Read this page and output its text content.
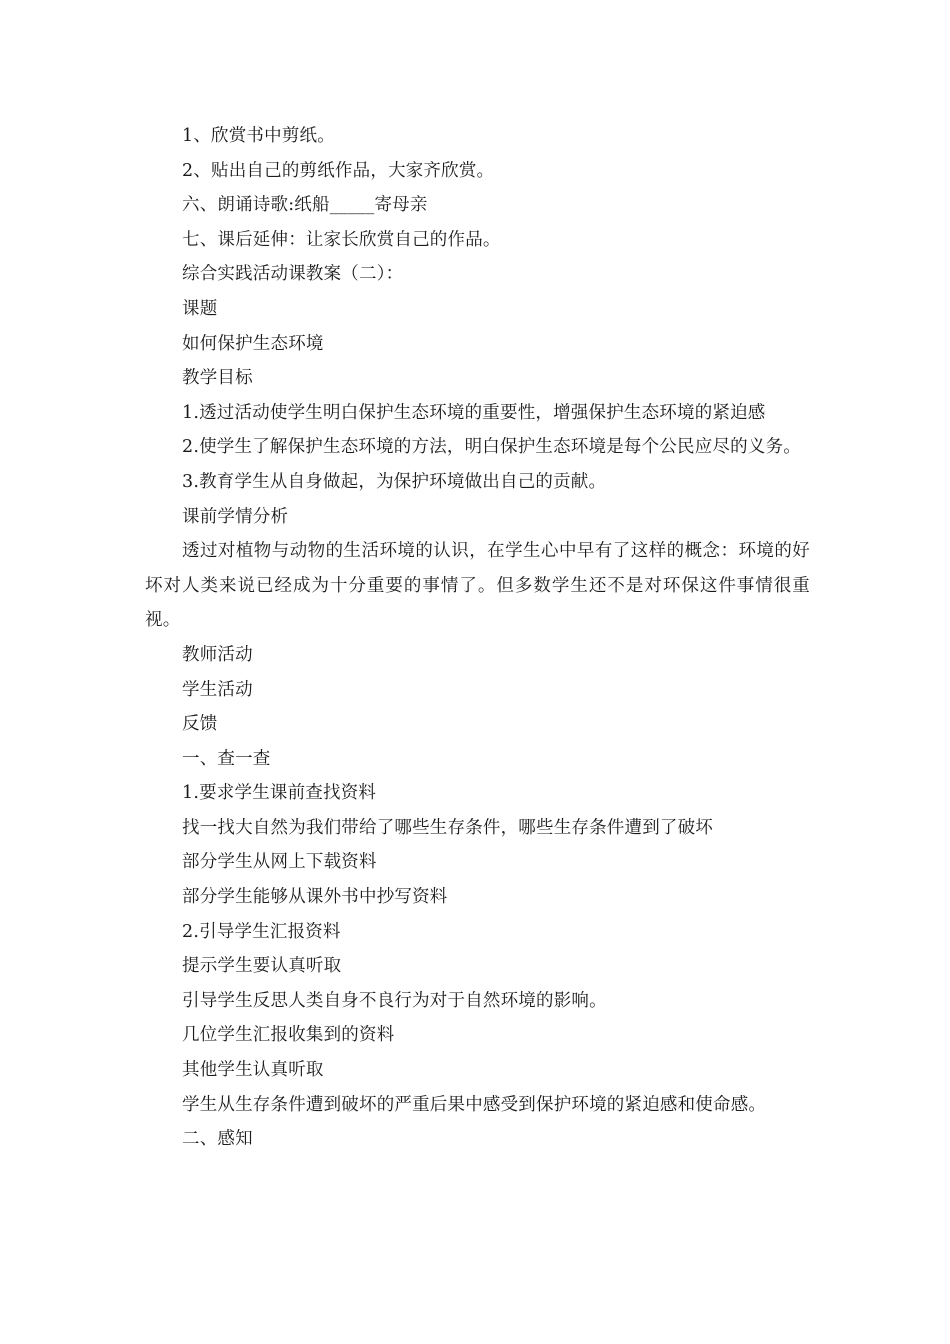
1、欣赏书中剪纸。

2、贴出自己的剪纸作品，大家齐欣赏。

六、朗诵诗歌:纸船_____寄母亲

七、课后延伸：让家长欣赏自己的作品。

综合实践活动课教案（二）：

课题

如何保护生态环境

教学目标

1.透过活动使学生明白保护生态环境的重要性，增强保护生态环境的紧迫感

2.使学生了解保护生态环境的方法，明白保护生态环境是每个公民应尽的义务。

3.教育学生从自身做起，为保护环境做出自己的贡献。

课前学情分析

透过对植物与动物的生活环境的认识，在学生心中早有了这样的概念：环境的好坏对人类来说已经成为十分重要的事情了。但多数学生还不是对环保这件事情很重视。

教师活动

学生活动

反馈

一、查一查

1.要求学生课前查找资料

找一找大自然为我们带给了哪些生存条件，哪些生存条件遭到了破坏

部分学生从网上下载资料

部分学生能够从课外书中抄写资料

2.引导学生汇报资料

提示学生要认真听取

引导学生反思人类自身不良行为对于自然环境的影响。

几位学生汇报收集到的资料

其他学生认真听取

学生从生存条件遭到破坏的严重后果中感受到保护环境的紧迫感和使命感。

二、感知
